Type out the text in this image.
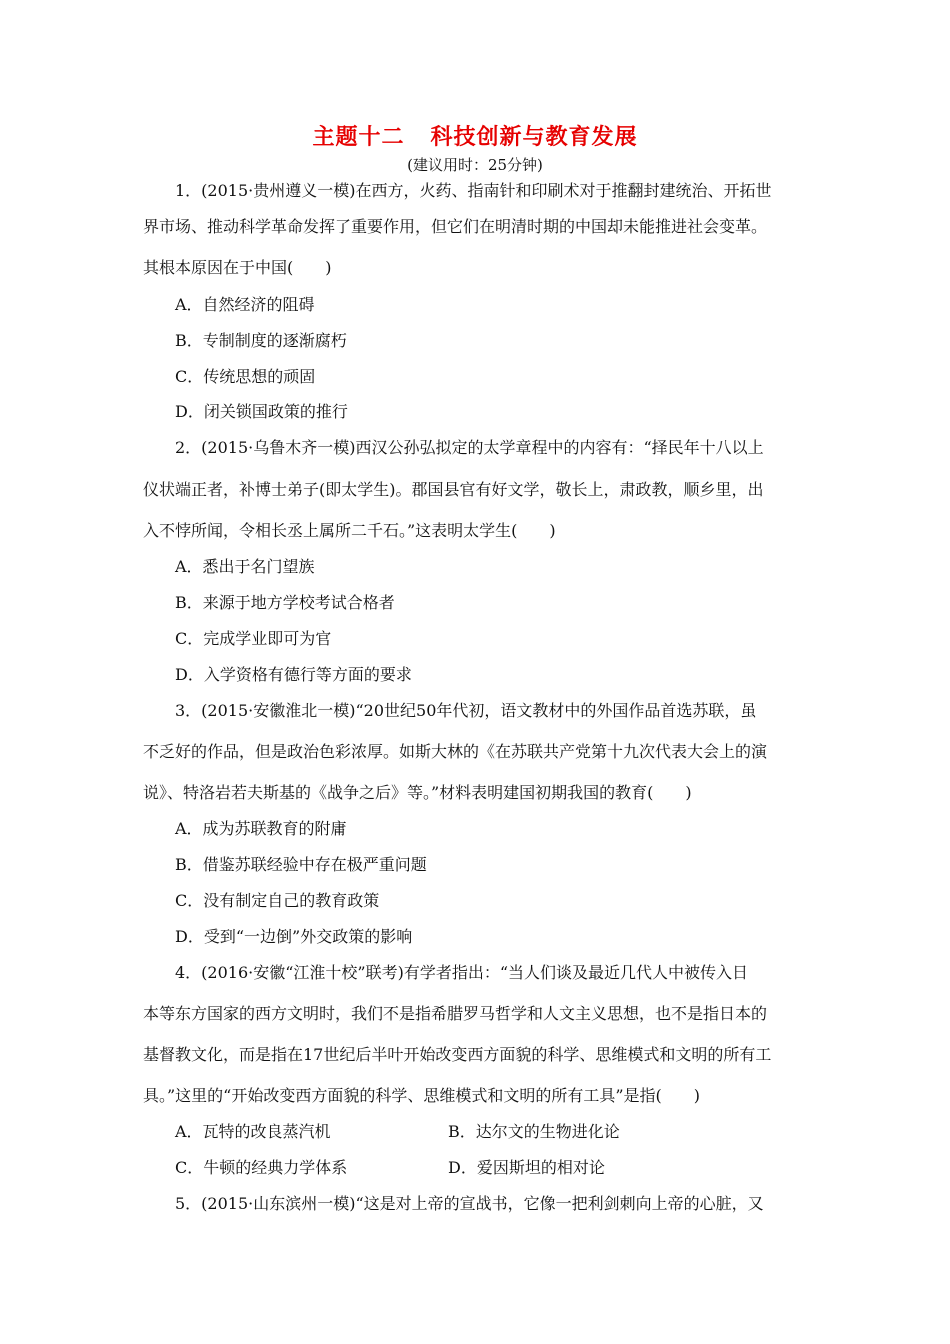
主题十二 科技创新与教育发展
(建议用时：25分钟)
1．(2015·贵州遵义一模)在西方，火药、指南针和印刷术对于推翻封建统治、开拓世
界市场、推动科学革命发挥了重要作用，但它们在明清时期的中国却未能推进社会变革。
其根本原因在于中国(　　)
A．自然经济的阻碍
B．专制制度的逐渐腐朽
C．传统思想的顽固
D．闭关锁国政策的推行
2．(2015·乌鲁木齐一模)西汉公孙弘拟定的太学章程中的内容有：“择民年十八以上
仪状端正者，补博士弟子(即太学生)。郡国县官有好文学，敬长上，肃政教，顺乡里，出
入不悖所闻，令相长丞上属所二千石。”这表明太学生(　　)
A．悉出于名门望族
B．来源于地方学校考试合格者
C．完成学业即可为官
D．入学资格有德行等方面的要求
3．(2015·安徽淮北一模)“20世纪50年代初，语文教材中的外国作品首选苏联，虽
不乏好的作品，但是政治色彩浓厚。如斯大林的《在苏联共产党第十九次代表大会上的演
说》、特洛岩若夫斯基的《战争之后》等。”材料表明建国初期我国的教育(　　)
A．成为苏联教育的附庸
B．借鉴苏联经验中存在极严重问题
C．没有制定自己的教育政策
D．受到“一边倒”外交政策的影响
4．(2016·安徽“江淮十校”联考)有学者指出：“当人们谈及最近几代人中被传入日
本等东方国家的西方文明时，我们不是指希腊罗马哲学和人文主义思想，也不是指日本的
基督教文化，而是指在17世纪后半叶开始改变西方面貌的科学、思维模式和文明的所有工
具。”这里的“开始改变西方面貌的科学、思维模式和文明的所有工具”是指(　　)
A．瓦特的改良蒸汽机	B．达尔文的生物进化论
C．牛顿的经典力学体系	D．爱因斯坦的相对论
5．(2015·山东滨州一模)“这是对上帝的宣战书，它像一把利剑刺向上帝的心脏，又
